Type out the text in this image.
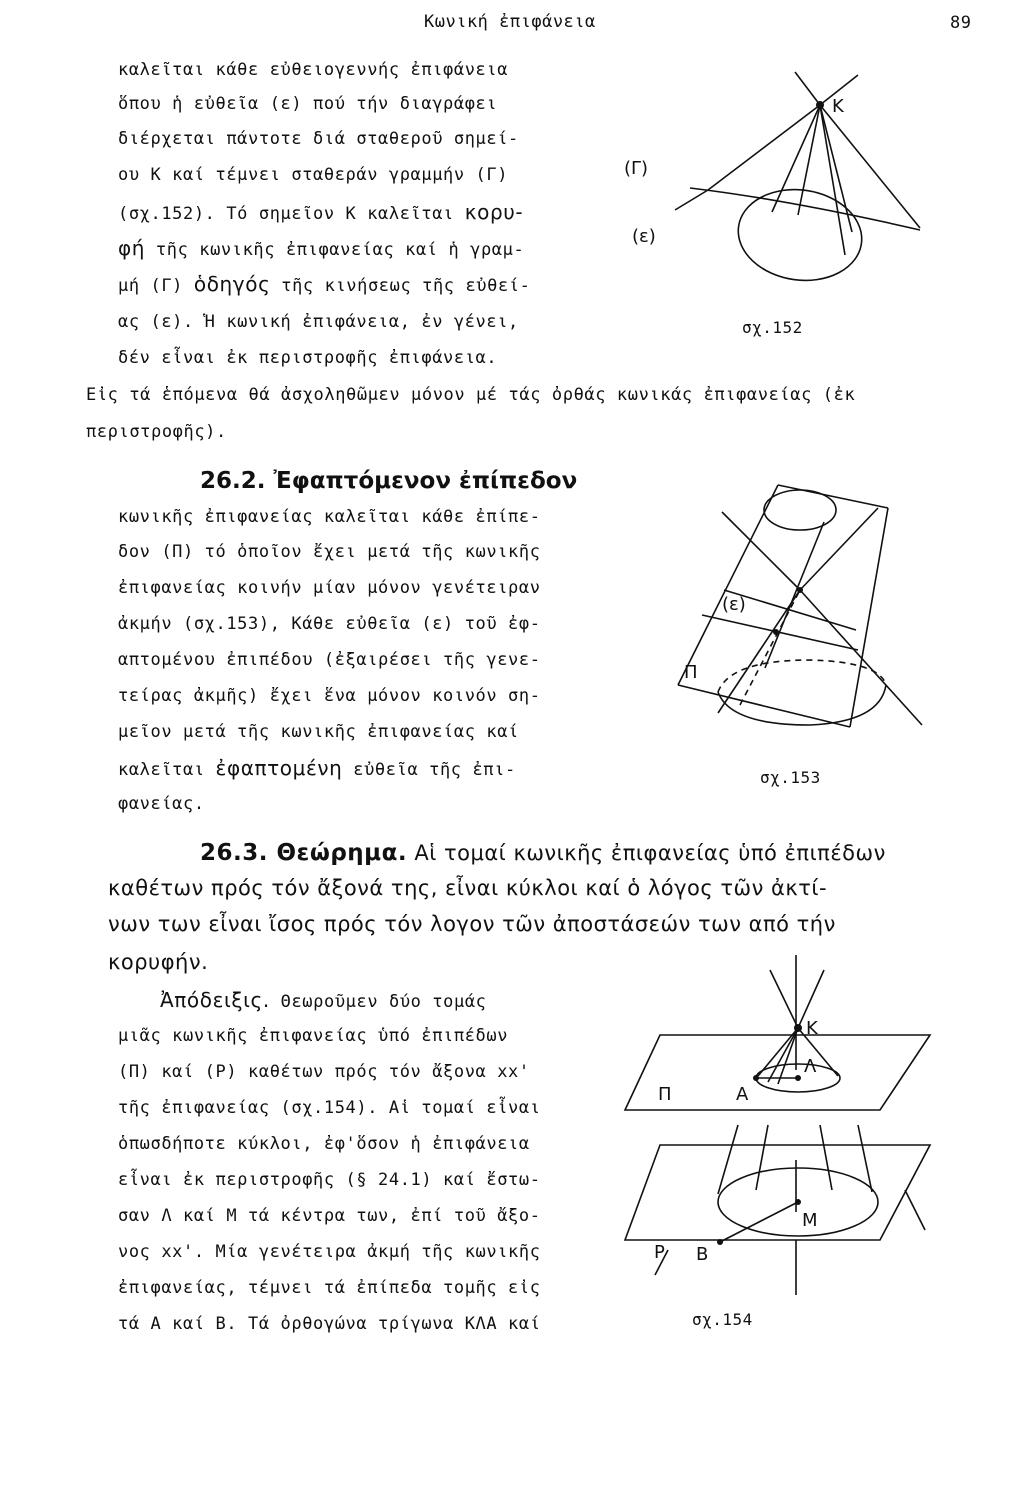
Κωνική ἐπιφάνεια	89
καλεῖται κάθε εὐθειογεννής ἐπιφάνεια
ὅπου ἡ εὐθεῖα (ε) πού τήν διαγράφει
διέρχεται πάντοτε διά σταθεροῦ σημεί-
ου Κ καί τέμνει σταθεράν γραμμήν (Γ)
(σχ.152). Τό σημεῖον Κ καλεῖται κορυ-
φή τῆς κωνικῆς ἐπιφανείας καί ἡ γραμ-
μή (Γ) ὁδηγός τῆς κινήσεως τῆς εὐθεί-
ας (ε). Ἡ κωνική ἐπιφάνεια, ἐν γένει,
δέν εἶναι ἐκ περιστροφῆς ἐπιφάνεια.
Εἰς τά ἑπόμενα θά ἀσχοληθῶμεν μόνον μέ τάς ὀρθάς κωνικάς ἐπιφανείας (ἐκ
περιστροφῆς).
Κ
(Γ)
(ε)
σχ.152
26.2. Ἐφαπτόμενον ἐπίπεδον
κωνικῆς ἐπιφανείας καλεῖται κάθε ἐπίπε-
δον (Π) τό ὁποῖον ἔχει μετά τῆς κωνικῆς
ἐπιφανείας κοινήν μίαν μόνον γενέτειραν
ἀκμήν (σχ.153), Κάθε εὐθεῖα (ε) τοῦ ἐφ-
απτομένου ἐπιπέδου (ἐξαιρέσει τῆς γενε-
τείρας ἀκμῆς) ἔχει ἕνα μόνον κοινόν ση-
μεῖον μετά τῆς κωνικῆς ἐπιφανείας καί
καλεῖται ἐφαπτομένη εὐθεῖα τῆς ἐπι-
φανείας.
(ε)
Π
σχ.153
26.3. Θεώρημα. Αἱ τομαί κωνικῆς ἐπιφανείας ὑπό ἐπιπέδων
καθέτων πρός τόν ἄξονά της, εἶναι κύκλοι καί ὁ λόγος τῶν ἀκτί-
νων των εἶναι ἴσος πρός τόν λογον τῶν ἀποστάσεών των από τήν
κορυφήν.
Ἀπόδειξις. Θεωροῦμεν δύο τομάς
μιᾶς κωνικῆς ἐπιφανείας ὑπό ἐπιπέδων
(Π) καί (Ρ) καθέτων πρός τόν ἄξονα xx'
τῆς ἐπιφανείας (σχ.154). Αἱ τομαί εἶναι
ὁπωσδήποτε κύκλοι, ἐφ'ὅσον ἡ ἐπιφάνεια
εἶναι ἐκ περιστροφῆς (§ 24.1) καί ἔστω-
σαν Λ καί Μ τά κέντρα των, ἐπί τοῦ ἄξο-
νος xx'. Μία γενέτειρα ἀκμή τῆς κωνικῆς
ἐπιφανείας, τέμνει τά ἐπίπεδα τομῆς εἰς
τά Α καί Β. Τά ὀρθογώνα τρίγωνα ΚΛΑ καί
Κ
Π	Α
Λ
Μ
Ρ Β
σχ.154
